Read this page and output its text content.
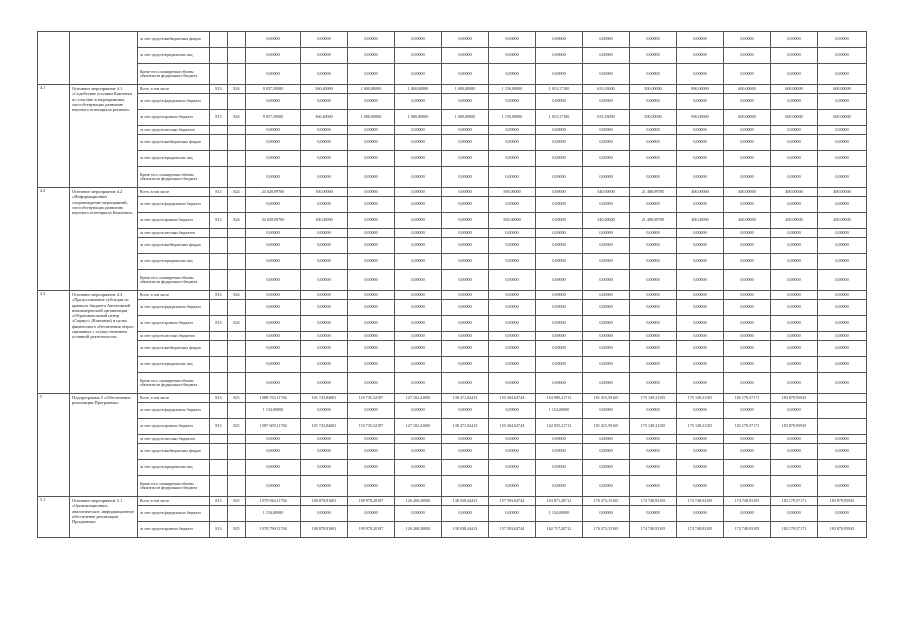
		за счет средств внебюджетных фондов			0,00000	0,00000	0,00000	0,00000	0,00000	0,00000	0,00000	0,00000	0,00000	0,00000	0,00000	0,00000	0,00000
		за счет средств юридических лиц			0,00000	0,00000	0,00000	0,00000	0,00000	0,00000	0,00000	0,00000	0,00000	0,00000	0,00000	0,00000	0,00000
		Кроме того, планируемые объемы обязательств федерального бюджета			0,00000	0,00000	0,00000	0,00000	0,00000	0,00000	0,00000	0,00000	0,00000	0,00000	0,00000	0,00000	0,00000
4.1	Основное мероприятие 4.1 «Содействие усилиям Камчатки по участию в мероприятиях, способствующих развитию научного потенциала региона»	Всего, в том числе	813	824	9 057,50000	360,40000	1 000,00000	1 000,00000	1 000,00000	1 150,00000	1 013,17100	633,33000	500,00000	900,00000	600,00000	600,00000	600,00000
		за счет средств федерального бюджета			0,00000	0,00000	0,00000	0,00000	0,00000	0,00000	0,00000	0,00000	0,00000	0,00000	0,00000	0,00000	0,00000
		за счет средств краевого бюджета	813	824	9 057,50000	360,40000	1 000,00000	1 000,00000	1 000,00000	1 150,00000	1 013,17100	633,33000	500,00000	900,00000	600,00000	600,00000	600,00000
		за счет средств местных бюджетов			0,00000	0,00000	0,00000	0,00000	0,00000	0,00000	0,00000	0,00000	0,00000	0,00000	0,00000	0,00000	0,00000
		за счет средств внебюджетных фондов			0,00000	0,00000	0,00000	0,00000	0,00000	0,00000	0,00000	0,00000	0,00000	0,00000	0,00000	0,00000	0,00000
		за счет средств юридических лиц			0,00000	0,00000	0,00000	0,00000	0,00000	0,00000	0,00000	0,00000	0,00000	0,00000	0,00000	0,00000	0,00000
		Кроме того, планируемые объемы обязательств федерального бюджета			0,00000	0,00000	0,00000	0,00000	0,00000	0,00000	0,00000	0,00000	0,00000	0,00000	0,00000	0,00000	0,00000
4.2	Основное мероприятие 4.2 «Информационное сопровождение мероприятий, способствующих развитию научного потенциала Камчатки»	Всего, в том числе	813	824	24 028,09700	100,00000	0,00000	0,00000	0,00000	500,00000	0,00000	340,00000	21 488,09700	400,00000	400,00000	400,00000	400,00000
		за счет средств федерального бюджета			0,00000	0,00000	0,00000	0,00000	0,00000	0,00000	0,00000	0,00000	0,00000	0,00000	0,00000	0,00000	0,00000
		за счет средств краевого бюджета	813	824	24 028,09700	100,00000	0,00000	0,00000	0,00000	500,00000	0,00000	340,00000	21 488,09700	400,00000	400,00000	400,00000	400,00000
		за счет средств местных бюджетов			0,00000	0,00000	0,00000	0,00000	0,00000	0,00000	0,00000	0,00000	0,00000	0,00000	0,00000	0,00000	0,00000
		за счет средств внебюджетных фондов			0,00000	0,00000	0,00000	0,00000	0,00000	0,00000	0,00000	0,00000	0,00000	0,00000	0,00000	0,00000	0,00000
		за счет средств юридических лиц			0,00000	0,00000	0,00000	0,00000	0,00000	0,00000	0,00000	0,00000	0,00000	0,00000	0,00000	0,00000	0,00000
		Кроме того, планируемые объемы обязательств федерального бюджета			0,00000	0,00000	0,00000	0,00000	0,00000	0,00000	0,00000	0,00000	0,00000	0,00000	0,00000	0,00000	0,00000
4.3	Основное мероприятие 4.3 «Предоставление субсидии из краевого бюджета Автономной некоммерческой организации «Образовательный центр «Сириус» (Камчатка) в целях финансового обеспечения затрат, связанных с осуществлением уставной деятельности»	Всего, в том числе	813	824	0,00000	0,00000	0,00000	0,00000	0,00000	0,00000	0,00000	0,00000	0,00000	0,00000	0,00000	0,00000	0,00000
		за счет средств федерального бюджета			0,00000	0,00000	0,00000	0,00000	0,00000	0,00000	0,00000	0,00000	0,00000	0,00000	0,00000	0,00000	0,00000
		за счет средств краевого бюджета	813	824	0,00000	0,00000	0,00000	0,00000	0,00000	0,00000	0,00000	0,00000	0,00000	0,00000	0,00000	0,00000	0,00000
		за счет средств местных бюджетов			0,00000	0,00000	0,00000	0,00000	0,00000	0,00000	0,00000	0,00000	0,00000	0,00000	0,00000	0,00000	0,00000
		за счет средств внебюджетных фондов			0,00000	0,00000	0,00000	0,00000	0,00000	0,00000	0,00000	0,00000	0,00000	0,00000	0,00000	0,00000	0,00000
		за счет средств юридических лиц			0,00000	0,00000	0,00000	0,00000	0,00000	0,00000	0,00000	0,00000	0,00000	0,00000	0,00000	0,00000	0,00000
		Кроме того, планируемые объемы обязательств федерального бюджета			0,00000	0,00000	0,00000	0,00000	0,00000	0,00000	0,00000	0,00000	0,00000	0,00000	0,00000	0,00000	0,00000
5	Подпрограмма 5 «Обеспечение реализации Программы»	Всего, в том числе	813	825	1 888 763,11704	101 743,84681	110 735,32187	127 182,41000	138 471,02413	155 404,04744	163 989,21712	181 415,59165	175 149,31105	175 149,31105	182 179,57171	183 879,95945	
		за счет средств федерального бюджета			1 154,00000	0,00000	0,00000	0,00000	0,00000	0,00000	1 154,00000	0,00000	0,00000	0,00000	0,00000	0,00000	
		за счет средств краевого бюджета	813	825	1 887 609,11704	101 743,84681	110 735,32187	127 182,41000	138 471,02413	155 404,04744	162 835,21712	181 415,59165	175 149,31105	175 149,31105	182 179,57171	183 879,95945	
		за счет средств местных бюджетов			0,00000	0,00000	0,00000	0,00000	0,00000	0,00000	0,00000	0,00000	0,00000	0,00000	0,00000	0,00000	0,00000
		за счет средств внебюджетных фондов			0,00000	0,00000	0,00000	0,00000	0,00000	0,00000	0,00000	0,00000	0,00000	0,00000	0,00000	0,00000	0,00000
		за счет средств юридических лиц			0,00000	0,00000	0,00000	0,00000	0,00000	0,00000	0,00000	0,00000	0,00000	0,00000	0,00000	0,00000	0,00000
		Кроме того, планируемые объемы обязательств федерального бюджета			0,00000	0,00000	0,00000	0,00000	0,00000	0,00000	0,00000	0,00000	0,00000	0,00000	0,00000	0,00000	0,00000
5.1	Основное мероприятие 5.1 «Организационное, аналитическое, информационное обеспечение реализации Программы»	Всего, в том числе	813	825	1 879 944,11704	100 878,81681	109 978,20187	126 268,30000	138 038,44413	157 593,04744	163 871,20712	176 373,15165	174 748,93105	174 748,93105	174 748,93105	182 179,57171	183 879,95945
		за счет средств федерального бюджета			1 154,00000	0,00000	0,00000	0,00000	0,00000	0,00000	1 154,00000	0,00000	0,00000	0,00000	0,00000	0,00000	0,00000
		за счет средств краевого бюджета	813	825	1 878 790,11704	100 878,81681	109 978,20187	126 268,30000	138 038,44413	157 593,04744	162 717,20712	176 373,15165	174 748,93105	174 748,93105	174 748,93105	182 179,57171	183 879,95945
